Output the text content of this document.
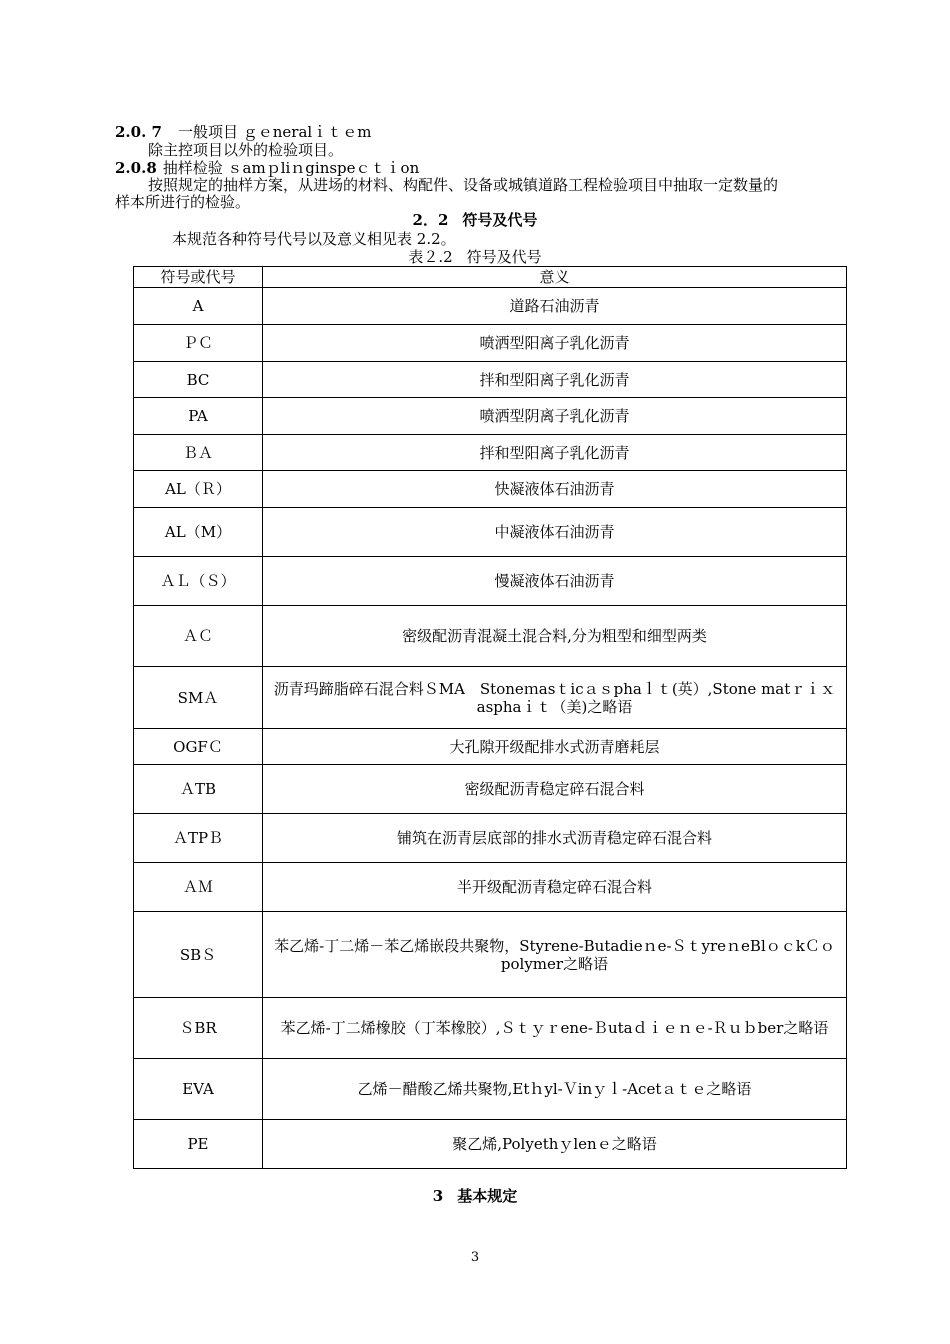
2.0. 7 一般项目 ｇｅneralｉｔｅm
除主控项目以外的检验项目。
2.0.8 抽样检验 ｓamｐliｎginspeｃｔｉon
按照规定的抽样方案，从进场的材料、构配件、设备或城镇道路工程检验项目中抽取一定数量的
样本所进行的检验。
2．2 符号及代号
本规范各种符号代号以及意义相见表 2.2。
表２.2 符号及代号
符号或代号	意义
A	道路石油沥青
ＰＣ	喷洒型阳离子乳化沥青
BC	拌和型阳离子乳化沥青
PA	喷洒型阴离子乳化沥青
ＢＡ	拌和型阳离子乳化沥青
AL（Ｒ）	快凝液体石油沥青
AL（M）	中凝液体石油沥青
ＡＬ（Ｓ）	慢凝液体石油沥青
ＡＣ	密级配沥青混凝土混合料,分为粗型和细型两类
SMＡ	沥青玛蹄脂碎石混合料ＳMA　Stoneｍasｔicａｓphaｌｔ(英）,Stone matｒｉｘ　asphaｉｔ（美)之略语
OGFＣ	大孔隙开级配排水式沥青磨耗层
ＡTB	密级配沥青稳定碎石混合料
ＡTPＢ	铺筑在沥青层底部的排水式沥青稳定碎石混合料
ＡＭ	半开级配沥青稳定碎石混合料
SBＳ	苯乙烯-丁二烯－苯乙烯嵌段共聚物，Styrene-Butadieｎe-ＳｔyreｎeBlｏｃkＣｏpolymer之略语
ＳBR	苯乙烯-丁二烯橡胶（丁苯橡胶）,Ｓｔｙｒene-Ｂutaｄｉｅｎｅ-Ｒｕｂber之略语
EVA	乙烯－醋酸乙烯共聚物,Etｈyl-Ｖinｙｌ-Acetａｔｅ之略语
PE	聚乙烯,Polyethｙlenｅ之略语
3 基本规定
3
